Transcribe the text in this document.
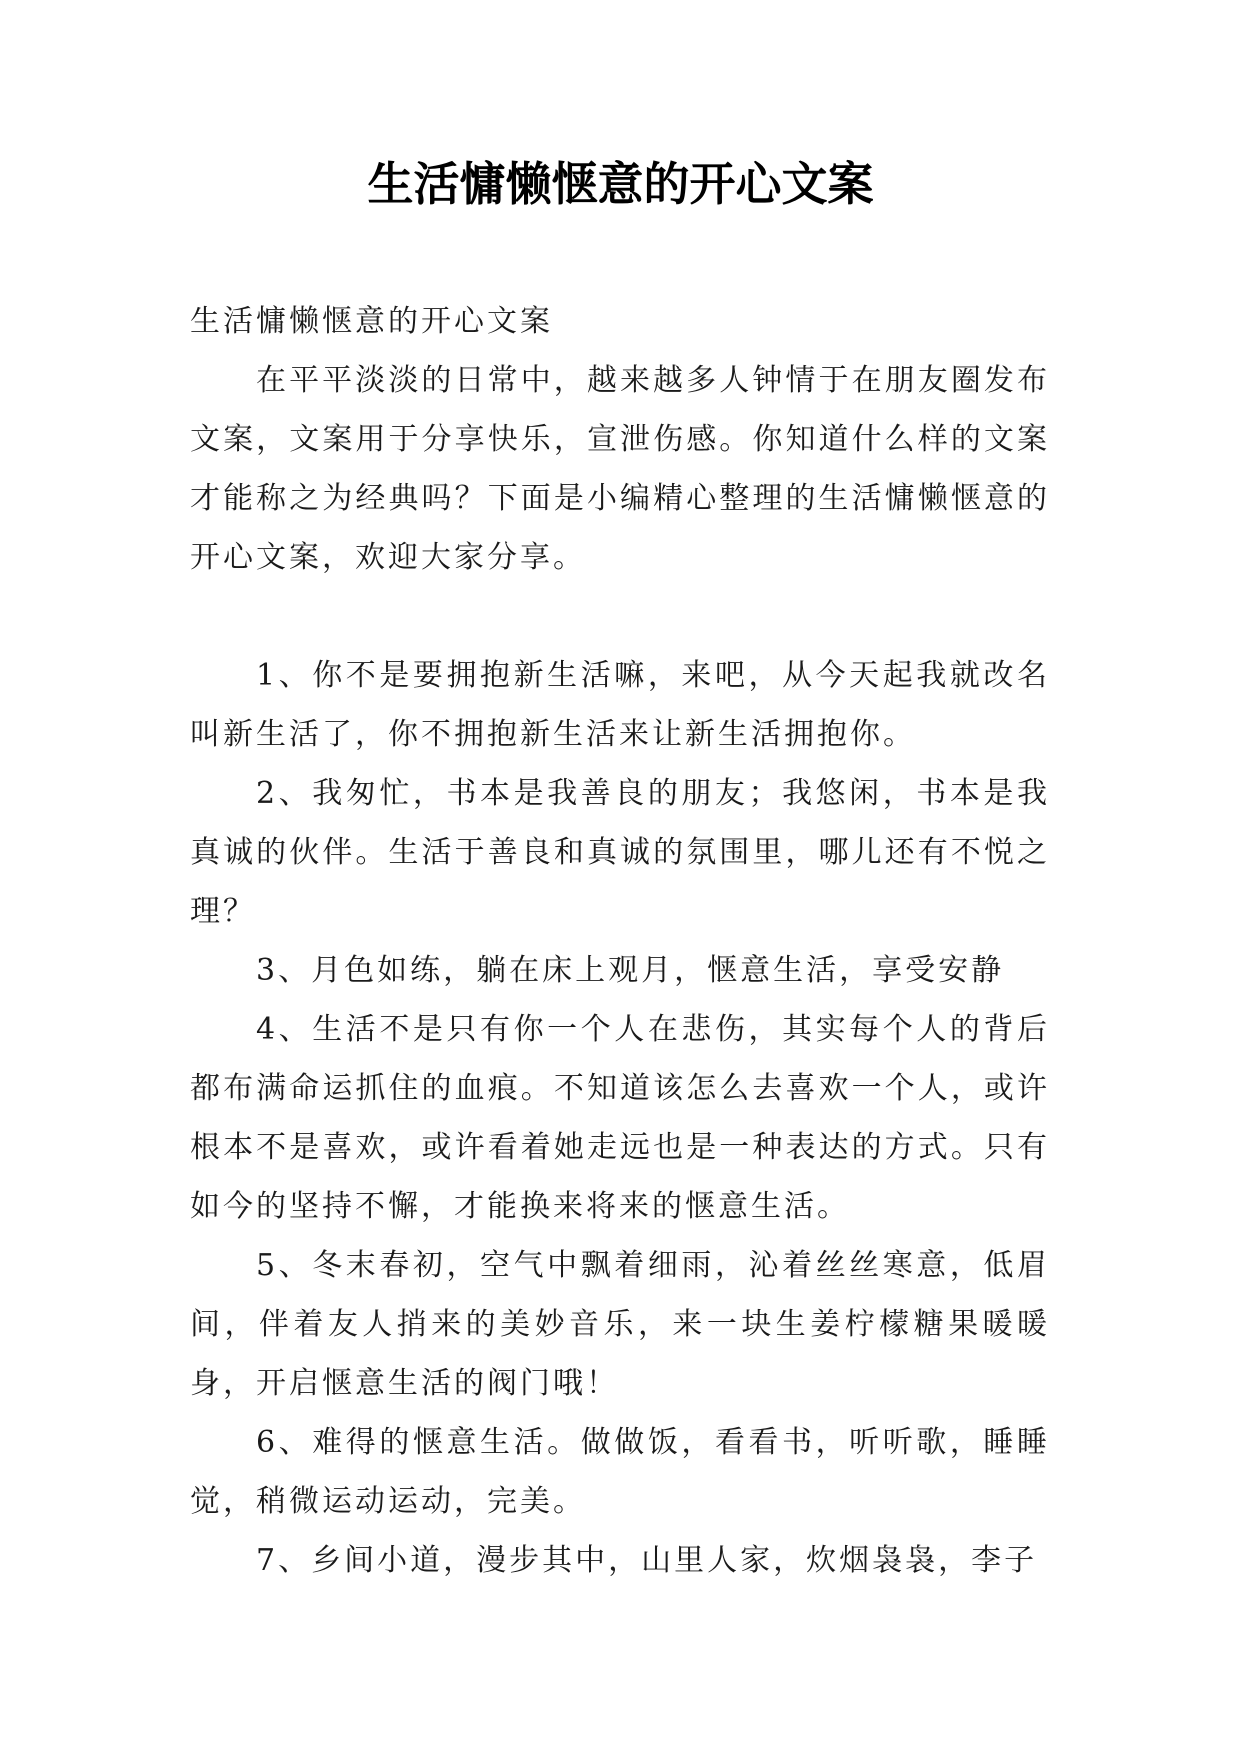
生活慵懒惬意的开心文案

生活慵懒惬意的开心文案

在平平淡淡的日常中，越来越多人钟情于在朋友圈发布文案，文案用于分享快乐，宣泄伤感。你知道什么样的文案才能称之为经典吗？下面是小编精心整理的生活慵懒惬意的开心文案，欢迎大家分享。

1、你不是要拥抱新生活嘛，来吧，从今天起我就改名叫新生活了，你不拥抱新生活来让新生活拥抱你。

2、我匆忙，书本是我善良的朋友；我悠闲，书本是我真诚的伙伴。生活于善良和真诚的氛围里，哪儿还有不悦之理？

3、月色如练，躺在床上观月，惬意生活，享受安静

4、生活不是只有你一个人在悲伤，其实每个人的背后都布满命运抓住的血痕。不知道该怎么去喜欢一个人，或许根本不是喜欢，或许看着她走远也是一种表达的方式。只有如今的坚持不懈，才能换来将来的惬意生活。

5、冬末春初，空气中飘着细雨，沁着丝丝寒意，低眉间，伴着友人捎来的美妙音乐，来一块生姜柠檬糖果暖暖身，开启惬意生活的阀门哦！

6、难得的惬意生活。做做饭，看看书，听听歌，睡睡觉，稍微运动运动，完美。

7、乡间小道，漫步其中，山里人家，炊烟袅袅，李子
